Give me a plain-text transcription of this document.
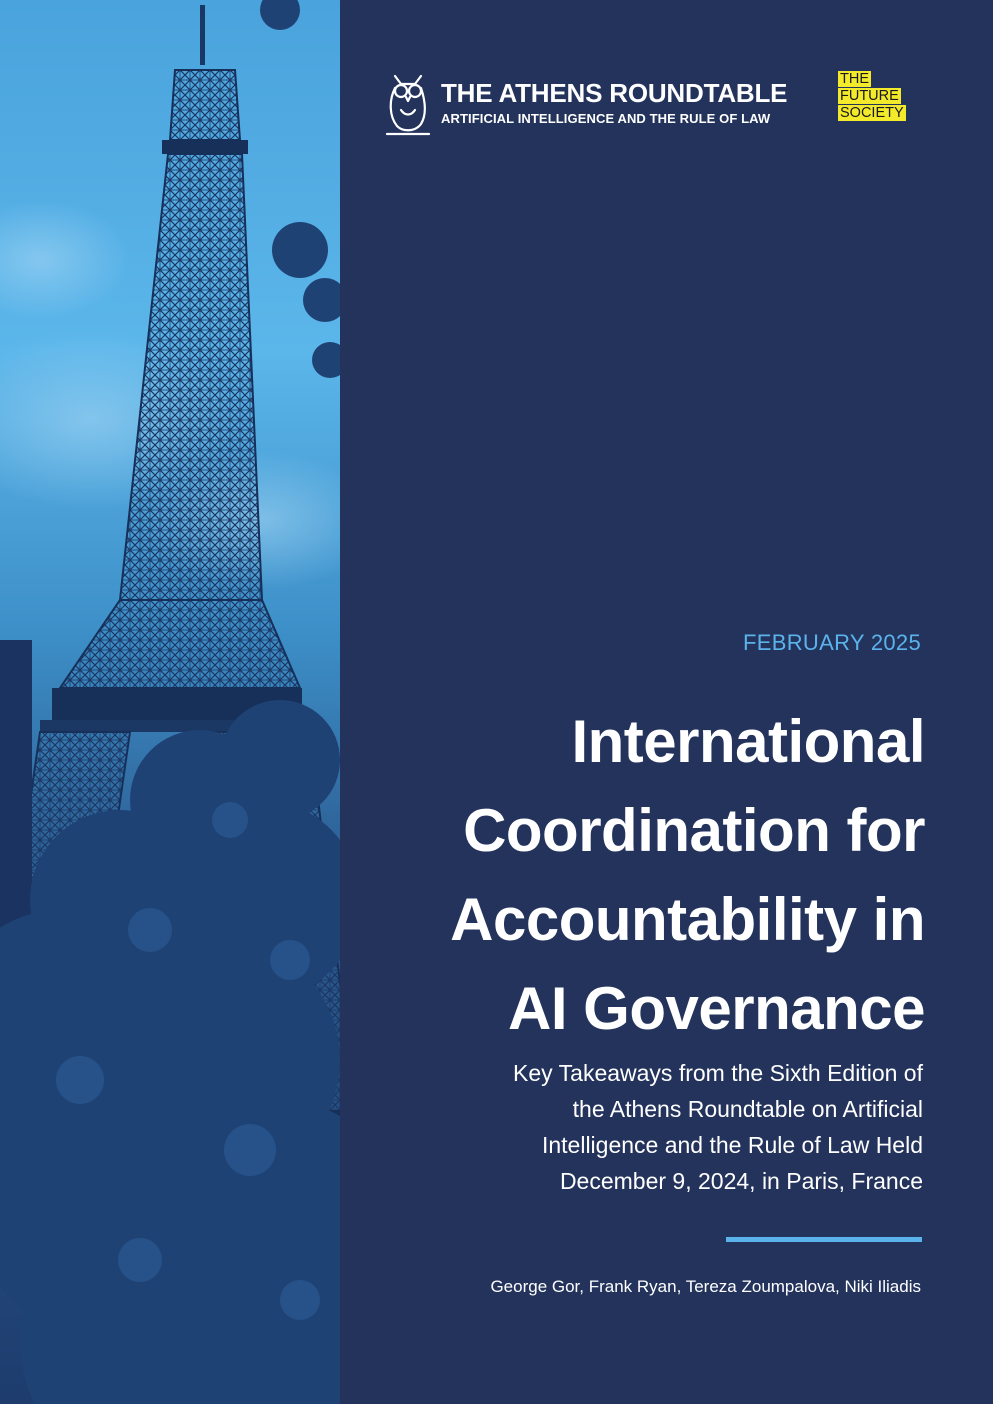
THE ATHENS ROUNDTABLE
ARTIFICIAL INTELLIGENCE AND THE RULE OF LAW
THE
FUTURE
SOCIETY
FEBRUARY 2025
International
Coordination for
Accountability in
AI Governance
Key Takeaways from the Sixth Edition of
the Athens Roundtable on Artificial
Intelligence and the Rule of Law Held
December 9, 2024, in Paris, France
George Gor, Frank Ryan, Tereza Zoumpalova, Niki Iliadis
